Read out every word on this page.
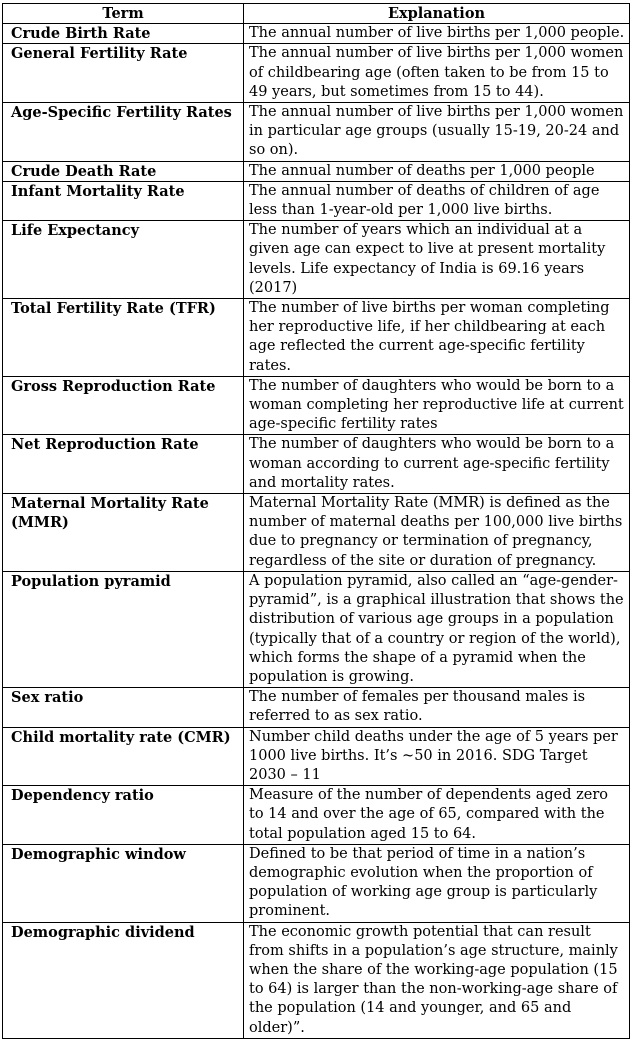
Term	Explanation
Crude Birth Rate	The annual number of live births per 1,000 people.
General Fertility Rate	The annual number of live births per 1,000 women of childbearing age (often taken to be from 15 to 49 years, but sometimes from 15 to 44).
Age-Specific Fertility Rates	The annual number of live births per 1,000 women in particular age groups (usually 15-19, 20-24 and so on).
Crude Death Rate	The annual number of deaths per 1,000 people
Infant Mortality Rate	The annual number of deaths of children of age less than 1-year-old per 1,000 live births.
Life Expectancy	The number of years which an individual at a given age can expect to live at present mortality levels. Life expectancy of India is 69.16 years (2017)
Total Fertility Rate (TFR)	The number of live births per woman completing her reproductive life, if her childbearing at each age reflected the current age-specific fertility rates.
Gross Reproduction Rate	The number of daughters who would be born to a woman completing her reproductive life at current age-specific fertility rates
Net Reproduction Rate	The number of daughters who would be born to a woman according to current age-specific fertility and mortality rates.
Maternal Mortality Rate (MMR)	Maternal Mortality Rate (MMR) is defined as the number of maternal deaths per 100,000 live births due to pregnancy or termination of pregnancy, regardless of the site or duration of pregnancy.
Population pyramid	A population pyramid, also called an “age-gender-pyramid”, is a graphical illustration that shows the distribution of various age groups in a population (typically that of a country or region of the world), which forms the shape of a pyramid when the population is growing.
Sex ratio	The number of females per thousand males is referred to as sex ratio.
Child mortality rate (CMR)	Number child deaths under the age of 5 years per 1000 live births. It’s ~50 in 2016. SDG Target 2030 – 11
Dependency ratio	Measure of the number of dependents aged zero to 14 and over the age of 65, compared with the total population aged 15 to 64.
Demographic window	Defined to be that period of time in a nation’s demographic evolution when the proportion of population of working age group is particularly prominent.
Demographic dividend	The economic growth potential that can result from shifts in a population’s age structure, mainly when the share of the working-age population (15 to 64) is larger than the non-working-age share of the population (14 and younger, and 65 and older)”.
